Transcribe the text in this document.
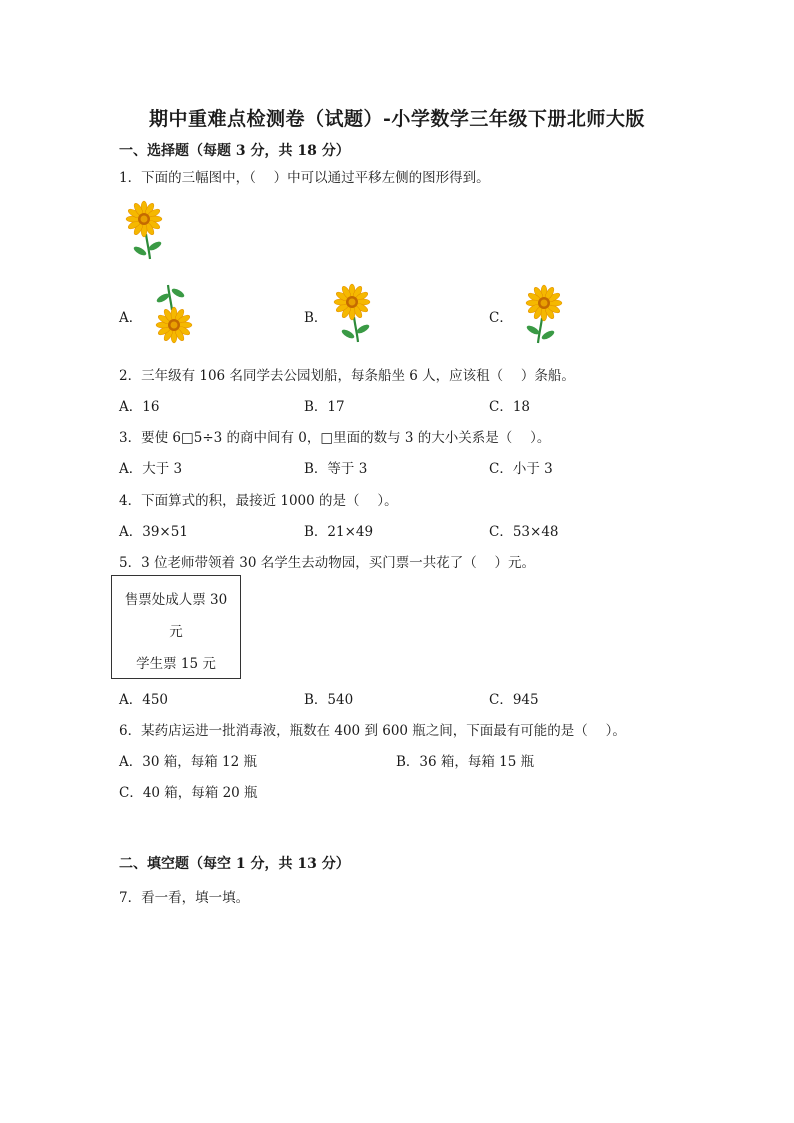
期中重难点检测卷（试题）-小学数学三年级下册北师大版
一、选择题（每题 3 分，共 18 分）
1．下面的三幅图中，（　 ）中可以通过平移左侧的图形得到。
A．	B．	C．
2．三年级有 106 名同学去公园划船，每条船坐 6 人，应该租（　 ）条船。
A．16	B．17	C．18
3．要使 6□5÷3 的商中间有 0，□里面的数与 3 的大小关系是（　 ）。
A．大于 3	B．等于 3	C．小于 3
4．下面算式的积，最接近 1000 的是（　 ）。
A．39×51	B．21×49	C．53×48
5．3 位老师带领着 30 名学生去动物园，买门票一共花了（　 ）元。
售票处成人票 30
元
学生票 15 元
A．450	B．540	C．945
6．某药店运进一批消毒液，瓶数在 400 到 600 瓶之间，下面最有可能的是（　 ）。
A．30 箱，每箱 12 瓶	B．36 箱，每箱 15 瓶
C．40 箱，每箱 20 瓶
二、填空题（每空 1 分，共 13 分）
7．看一看，填一填。
